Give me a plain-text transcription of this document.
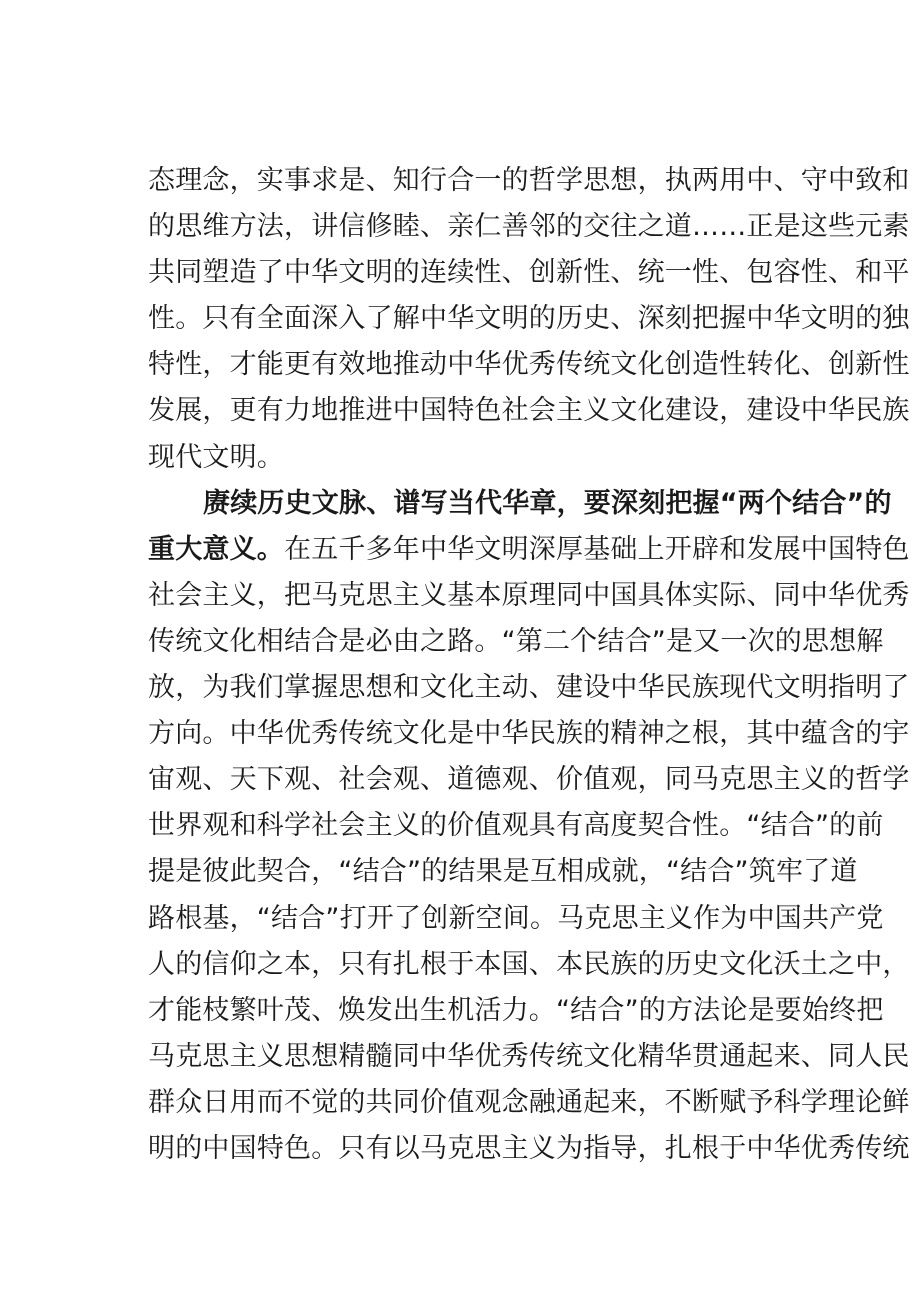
态理念，实事求是、知行合一的哲学思想，执两用中、守中致和
的思维方法，讲信修睦、亲仁善邻的交往之道……正是这些元素
共同塑造了中华文明的连续性、创新性、统一性、包容性、和平
性。只有全面深入了解中华文明的历史、深刻把握中华文明的独
特性，才能更有效地推动中华优秀传统文化创造性转化、创新性
发展，更有力地推进中国特色社会主义文化建设，建设中华民族
现代文明。
赓续历史文脉、谱写当代华章，要深刻把握“两个结合”的
重大意义。在五千多年中华文明深厚基础上开辟和发展中国特色
社会主义，把马克思主义基本原理同中国具体实际、同中华优秀
传统文化相结合是必由之路。“第二个结合”是又一次的思想解
放，为我们掌握思想和文化主动、建设中华民族现代文明指明了
方向。中华优秀传统文化是中华民族的精神之根，其中蕴含的宇
宙观、天下观、社会观、道德观、价值观，同马克思主义的哲学
世界观和科学社会主义的价值观具有高度契合性。“结合”的前
提是彼此契合，“结合”的结果是互相成就，“结合”筑牢了道
路根基，“结合”打开了创新空间。马克思主义作为中国共产党
人的信仰之本，只有扎根于本国、本民族的历史文化沃土之中，
才能枝繁叶茂、焕发出生机活力。“结合”的方法论是要始终把
马克思主义思想精髓同中华优秀传统文化精华贯通起来、同人民
群众日用而不觉的共同价值观念融通起来，不断赋予科学理论鲜
明的中国特色。只有以马克思主义为指导，扎根于中华优秀传统
